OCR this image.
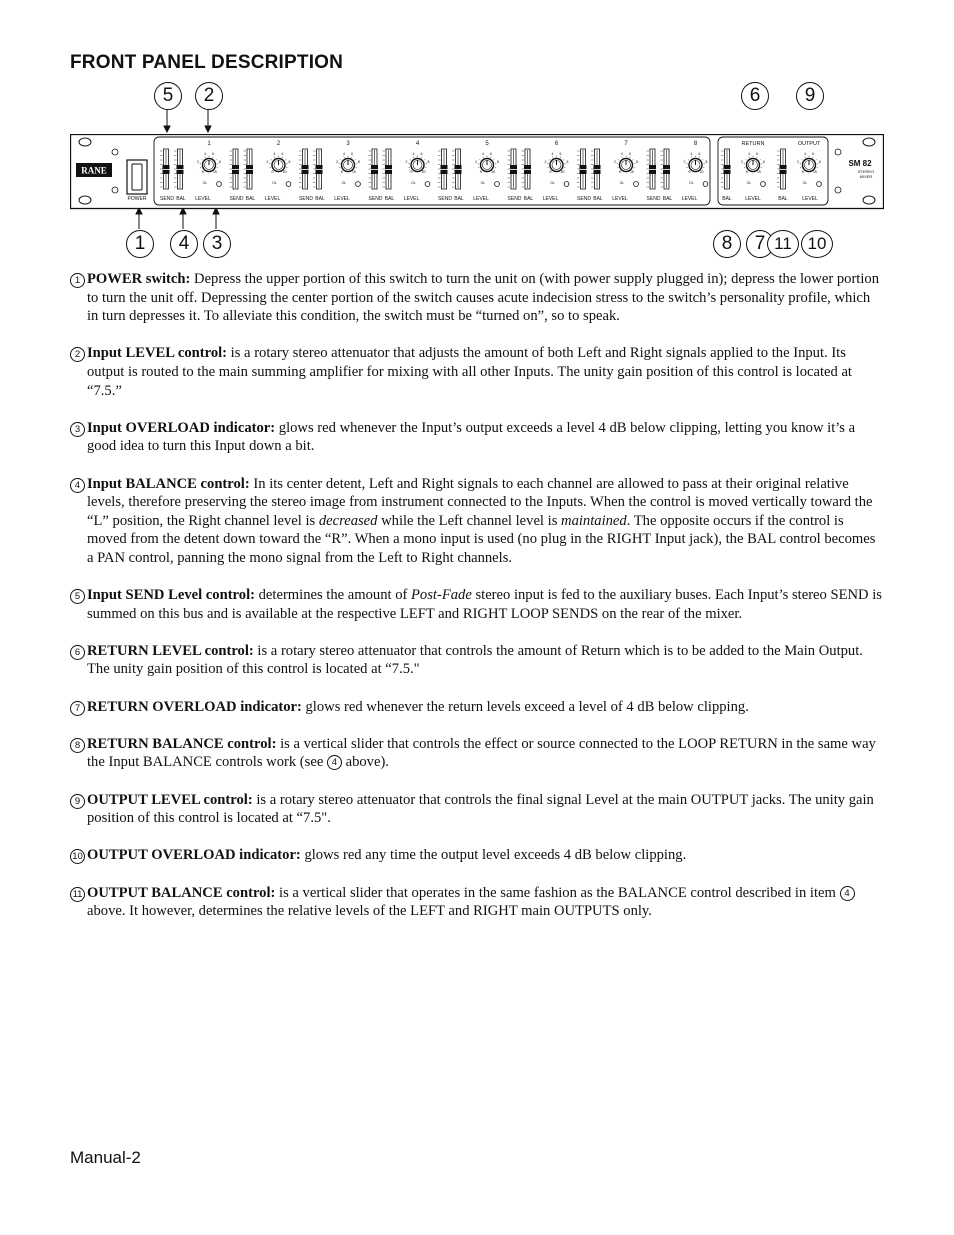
FRONT PANEL DESCRIPTION
5	2	6	9
1	4	3	8	7 11 10
RANE
POWER
RETURN	OUTPUT
SM 82
STEREO
MIXER
4 6
2	8
0	10
OL
1
SEND BAL LEVEL
4 6
2	8
0	10
OL
2
SEND BAL LEVEL
4 6
2	8
0	10
OL
3
SEND BAL LEVEL
4 6
2	8
0	10
OL
4
SEND BAL LEVEL
4 6
2	8
0	10
OL
5
SEND BAL LEVEL
4 6
2	8
0	10
OL
6
SEND BAL LEVEL
4 6
2	8
0	10
OL
7
SEND BAL LEVEL
4 6
2	8
0	10
OL
8
SEND BAL LEVEL
4 6
2	8
0	10
OL
BAL	LEVEL
4 6
2	8
0	10
OL
BAL	LEVEL
1 POWER switch: Depress the upper portion of this switch to turn the unit on (with power supply plugged in); depress the lower portion to turn the unit off. Depressing the center portion of the switch causes acute indecision stress to the switch’s personality profile, which in turn depresses it. To alleviate this condition, the switch must be “turned on”, so to speak.
2 Input LEVEL control: is a rotary stereo attenuator that adjusts the amount of both Left and Right signals applied to the Input. Its output is routed to the main summing amplifier for mixing with all other Inputs. The unity gain position of this control is located at “7.5.”
3 Input OVERLOAD indicator: glows red whenever the Input’s output exceeds a level 4 dB below clipping, letting you know it’s a good idea to turn this Input down a bit.
4 Input BALANCE control: In its center detent, Left and Right signals to each channel are allowed to pass at their original relative levels, therefore preserving the stereo image from instrument connected to the Inputs. When the control is moved vertically toward the “L” position, the Right channel level is decreased while the Left channel level is maintained. The opposite occurs if the control is moved from the detent down toward the “R”. When a mono input is used (no plug in the RIGHT Input jack), the BAL control becomes a PAN control, panning the mono signal from the Left to Right channels.
5 Input SEND Level control: determines the amount of Post-Fade stereo input is fed to the auxiliary buses. Each Input’s stereo SEND is summed on this bus and is available at the respective LEFT and RIGHT LOOP SENDS on the rear of the mixer.
6 RETURN LEVEL control: is a rotary stereo attenuator that controls the amount of Return which is to be added to the Main Output. The unity gain position of this control is located at “7.5."
7 RETURN OVERLOAD indicator: glows red whenever the return levels exceed a level of 4 dB below clipping.
8 RETURN BALANCE control: is a vertical slider that controls the effect or source connected to the LOOP RETURN in the same way the Input BALANCE controls work (see 4 above).
9 OUTPUT LEVEL control: is a rotary stereo attenuator that controls the final signal Level at the main OUTPUT jacks. The unity gain position of this control is located at “7.5".
10 OUTPUT OVERLOAD indicator: glows red any time the output level exceeds 4 dB below clipping.
11 OUTPUT BALANCE control: is a vertical slider that operates in the same fashion as the BALANCE control described in item 4 above. It however, determines the relative levels of the LEFT and RIGHT main OUTPUTS only.
Manual-2
